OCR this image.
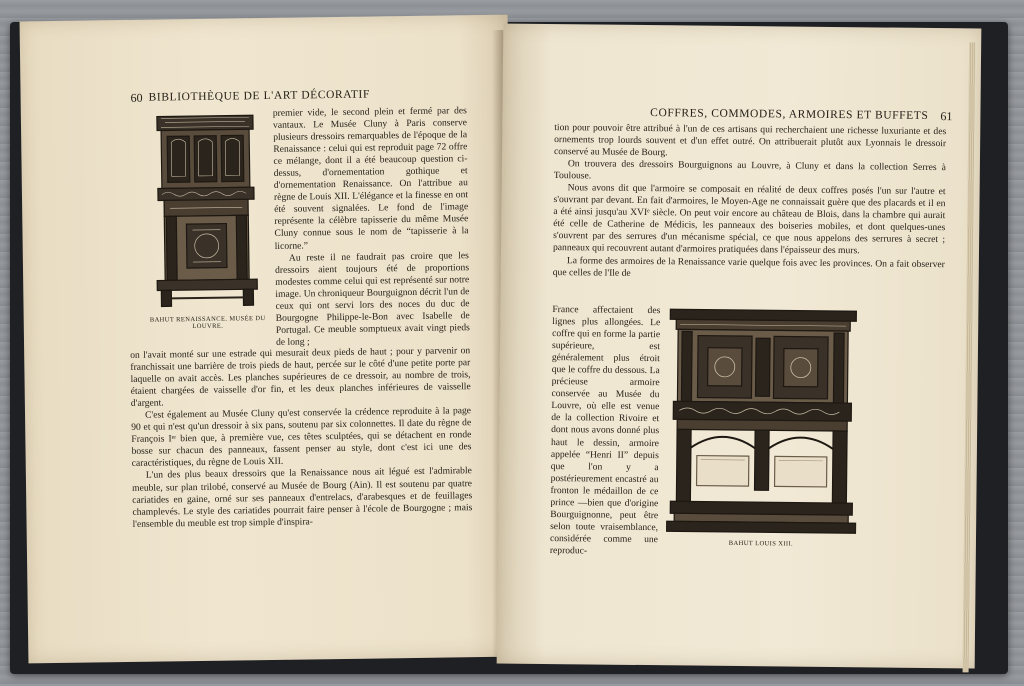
60 BIBLIOTHÈQUE DE L'ART DÉCORATIF
BAHUT RENAISSANCE. MUSÉE DU LOUVRE.

premier vide, le second plein et fermé par des vantaux. Le Musée Cluny à Paris conserve plusieurs dressoirs remarquables de l'époque de la Renaissance : celui qui est reproduit page 72 offre ce mélange, dont il a été beaucoup question ci-dessus, d'ornementation gothique et d'ornementation Renaissance. On l'attribue au règne de Louis XII. L'élégance et la finesse en ont été souvent signalées. Le fond de l'image représente la célèbre tapisserie du même Musée Cluny connue sous le nom de “tapisserie à la licorne.”

Au reste il ne faudrait pas croire que les dressoirs aient toujours été de proportions modestes comme celui qui est représenté sur notre image. Un chroniqueur Bourguignon décrit l'un de ceux qui ont servi lors des noces du duc de Bourgogne Philippe-le-Bon avec Isabelle de Portugal. Ce meuble somptueux avait vingt pieds de long ;

on l'avait monté sur une estrade qui mesurait deux pieds de haut ; pour y parvenir on franchissait une barrière de trois pieds de haut, percée sur le côté d'une petite porte par laquelle on avait accès. Les planches supérieures de ce dressoir, au nombre de trois, étaient chargées de vaisselle d'or fin, et les deux planches inférieures de vaisselle d'argent.

C'est également au Musée Cluny qu'est conservée la crédence reproduite à la page 90 et qui n'est qu'un dressoir à six pans, soutenu par six colonnettes. Il date du règne de François Iᵉʳ bien que, à première vue, ces têtes sculptées, qui se détachent en ronde bosse sur chacun des panneaux, fassent penser au style, dont c'est ici une des caractéristiques, du règne de Louis XII.

L'un des plus beaux dressoirs que la Renaissance nous ait légué est l'admirable meuble, sur plan trilobé, conservé au Musée de Bourg (Ain). Il est soutenu par quatre cariatides en gaine, orné sur ses panneaux d'entrelacs, d'arabesques et de feuillages champlevés. Le style des cariatides pourrait faire penser à l'école de Bourgogne ; mais l'ensemble du meuble est trop simple d'inspira-

COFFRES, COMMODES, ARMOIRES ET BUFFETS 61

tion pour pouvoir être attribué à l'un de ces artisans qui recherchaient une richesse luxuriante et des ornements trop lourds souvent et d'un effet outré. On attribuerait plutôt aux Lyonnais le dressoir conservé au Musée de Bourg.

On trouvera des dressoirs Bourguignons au Louvre, à Cluny et dans la collection Serres à Toulouse.

Nous avons dit que l'armoire se composait en réalité de deux coffres posés l'un sur l'autre et s'ouvrant par devant. En fait d'armoires, le Moyen-Age ne connaissait guère que des placards et il en a été ainsi jusqu'au XVIᵉ siècle. On peut voir encore au château de Blois, dans la chambre qui aurait été celle de Catherine de Médicis, les panneaux des boiseries mobiles, et dont quelques-unes s'ouvrent par des serrures d'un mécanisme spécial, ce que nous appelons des serrures à secret ; panneaux qui recouvrent autant d'armoires pratiquées dans l'épaisseur des murs.

La forme des armoires de la Renaissance varie quelque fois avec les provinces. On a fait observer que celles de l'Ile de

France affectaient des lignes plus allongées. Le coffre qui en forme la partie supérieure, est généralement plus étroit que le coffre du dessous. La précieuse armoire conservée au Musée du Louvre, où elle est venue de la collection Rivoire et dont nous avons donné plus haut le dessin, armoire appelée “Henri II” depuis que l'on y a postérieurement encastré au fronton le médaillon de ce prince —bien que d'origine Bourguignonne, peut être selon toute vraisemblance, considérée comme une reproduc-

BAHUT LOUIS XIII.
